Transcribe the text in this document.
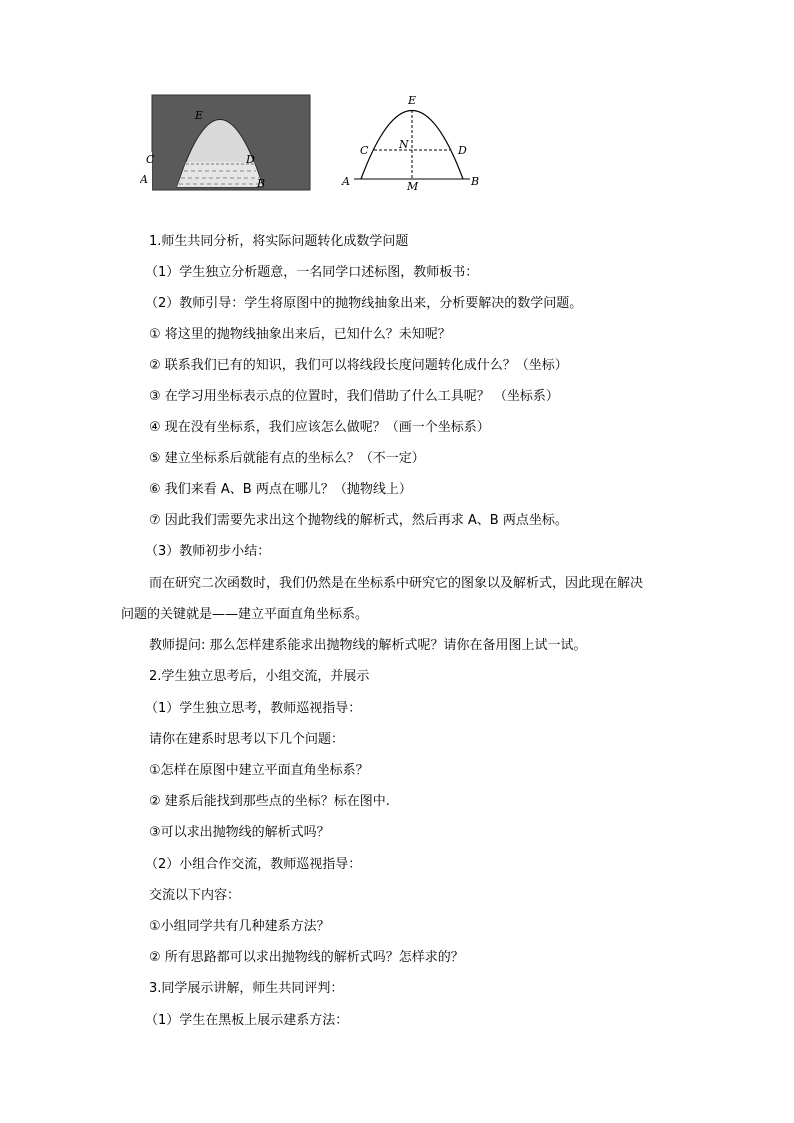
E
C	D
A	B
E
C	N	D
A	M	B
1.师生共同分析，将实际问题转化成数学问题
（1）学生独立分析题意，一名同学口述标图，教师板书：
（2）教师引导：学生将原图中的抛物线抽象出来，分析要解决的数学问题。
① 将这里的抛物线抽象出来后，已知什么？未知呢？
② 联系我们已有的知识，我们可以将线段长度问题转化成什么？（坐标）
③ 在学习用坐标表示点的位置时，我们借助了什么工具呢？ （坐标系）
④ 现在没有坐标系，我们应该怎么做呢？（画一个坐标系）
⑤ 建立坐标系后就能有点的坐标么？（不一定）
⑥ 我们来看 A、B 两点在哪儿？（抛物线上）
⑦ 因此我们需要先求出这个抛物线的解析式，然后再求 A、B 两点坐标。
（3）教师初步小结：
而在研究二次函数时，我们仍然是在坐标系中研究它的图象以及解析式，因此现在解决
问题的关键就是——建立平面直角坐标系。
教师提问: 那么怎样建系能求出抛物线的解析式呢？请你在备用图上试一试。
2.学生独立思考后，小组交流，并展示
（1）学生独立思考，教师巡视指导：
请你在建系时思考以下几个问题：
①怎样在原图中建立平面直角坐标系？
② 建系后能找到那些点的坐标？标在图中.
③可以求出抛物线的解析式吗？
（2）小组合作交流，教师巡视指导：
交流以下内容：
①小组同学共有几种建系方法？
② 所有思路都可以求出抛物线的解析式吗？怎样求的？
3.同学展示讲解，师生共同评判：
（1）学生在黑板上展示建系方法：
